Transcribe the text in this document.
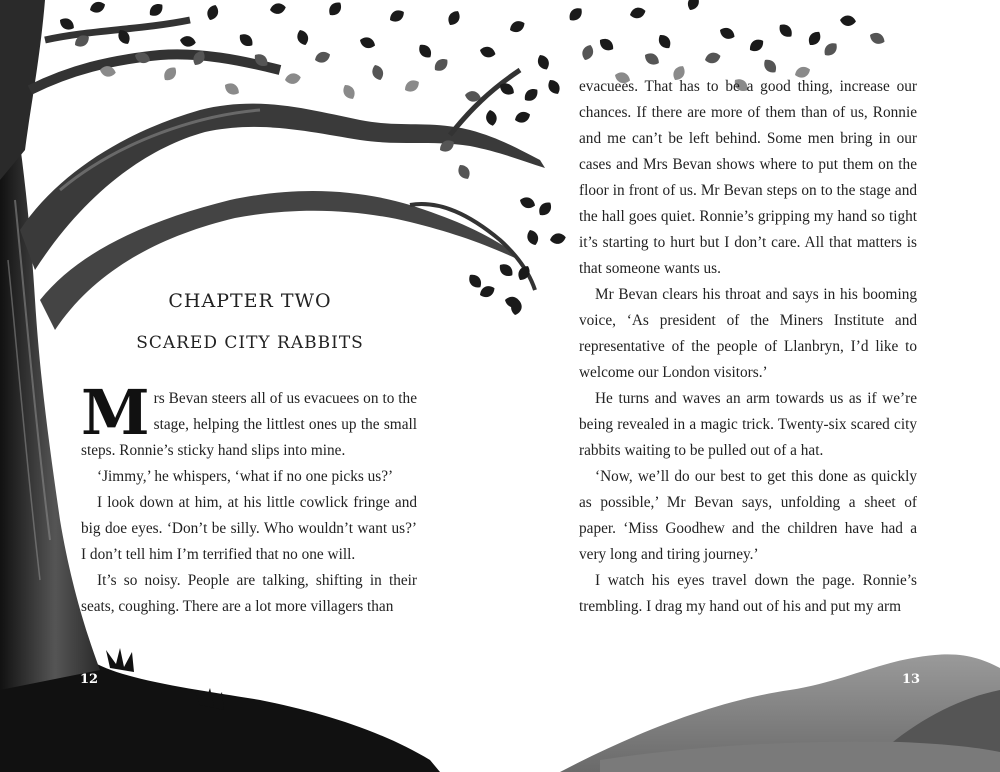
CHAPTER TWO
SCARED CITY RABBITS

Mrs Bevan steers all of us evacuees on to the stage, helping the littlest ones up the small steps. Ronnie’s sticky hand slips into mine.

‘Jimmy,’ he whispers, ‘what if no one picks us?’

I look down at him, at his little cowlick fringe and big doe eyes. ‘Don’t be silly. Who wouldn’t want us?’ I don’t tell him I’m terrified that no one will.

It’s so noisy. People are talking, shifting in their seats, coughing. There are a lot more villagers than

evacuees. That has to be a good thing, increase our chances. If there are more of them than of us, Ronnie and me can’t be left behind. Some men bring in our cases and Mrs Bevan shows where to put them on the floor in front of us. Mr Bevan steps on to the stage and the hall goes quiet. Ronnie’s gripping my hand so tight it’s starting to hurt but I don’t care. All that matters is that someone wants us.

Mr Bevan clears his throat and says in his booming voice, ‘As president of the Miners Institute and representative of the people of Llanbryn, I’d like to welcome our London visitors.’

He turns and waves an arm towards us as if we’re being revealed in a magic trick. Twenty-six scared city rabbits waiting to be pulled out of a hat.

‘Now, we’ll do our best to get this done as quickly as possible,’ Mr Bevan says, unfolding a sheet of paper. ‘Miss Goodhew and the children have had a very long and tiring journey.’

I watch his eyes travel down the page. Ronnie’s trembling. I drag my hand out of his and put my arm

12	13
